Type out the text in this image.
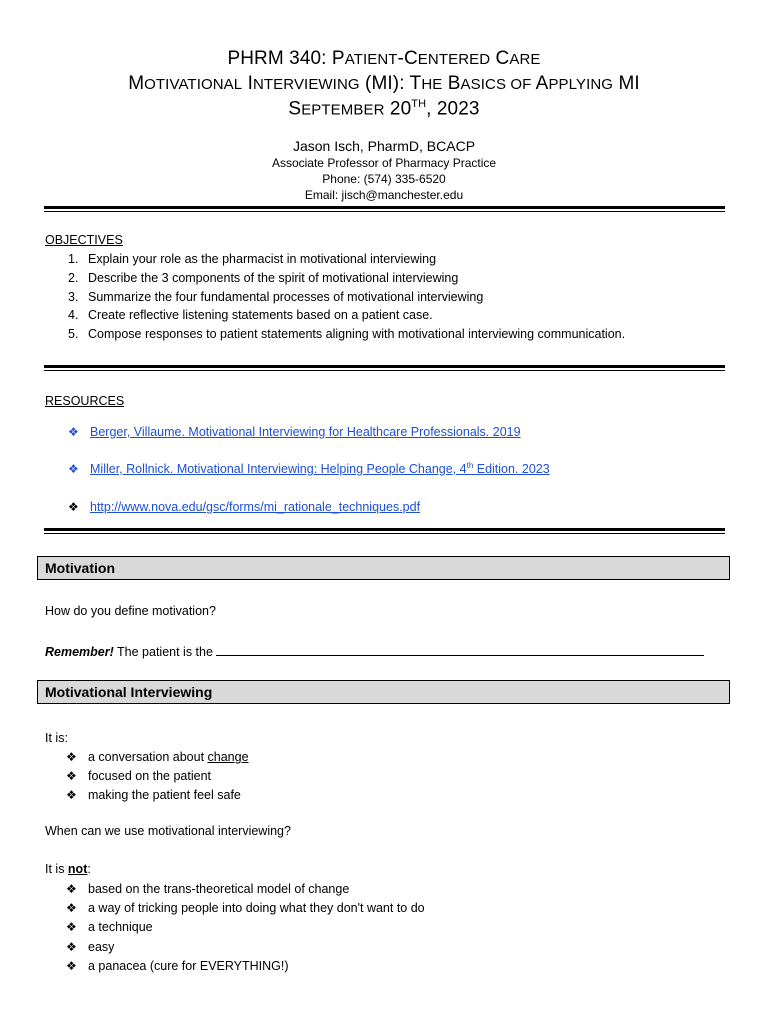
PHRM 340: PATIENT-CENTERED CARE
MOTIVATIONAL INTERVIEWING (MI): THE BASICS OF APPLYING MI
SEPTEMBER 20TH, 2023
Jason Isch, PharmD, BCACP
Associate Professor of Pharmacy Practice
Phone: (574) 335-6520
Email: jisch@manchester.edu
OBJECTIVES
1. Explain your role as the pharmacist in motivational interviewing
2. Describe the 3 components of the spirit of motivational interviewing
3. Summarize the four fundamental processes of motivational interviewing
4. Create reflective listening statements based on a patient case.
5. Compose responses to patient statements aligning with motivational interviewing communication.
RESOURCES
❖ Berger, Villaume. Motivational Interviewing for Healthcare Professionals. 2019
❖ Miller, Rollnick. Motivational Interviewing: Helping People Change, 4th Edition. 2023
❖ http://www.nova.edu/gsc/forms/mi_rationale_techniques.pdf
Motivation
How do you define motivation?
Remember! The patient is the
Motivational Interviewing
It is:
❖ a conversation about change
❖ focused on the patient
❖ making the patient feel safe
When can we use motivational interviewing?
It is not:
❖ based on the trans-theoretical model of change
❖ a way of tricking people into doing what they don't want to do
❖ a technique
❖ easy
❖ a panacea (cure for EVERYTHING!)
